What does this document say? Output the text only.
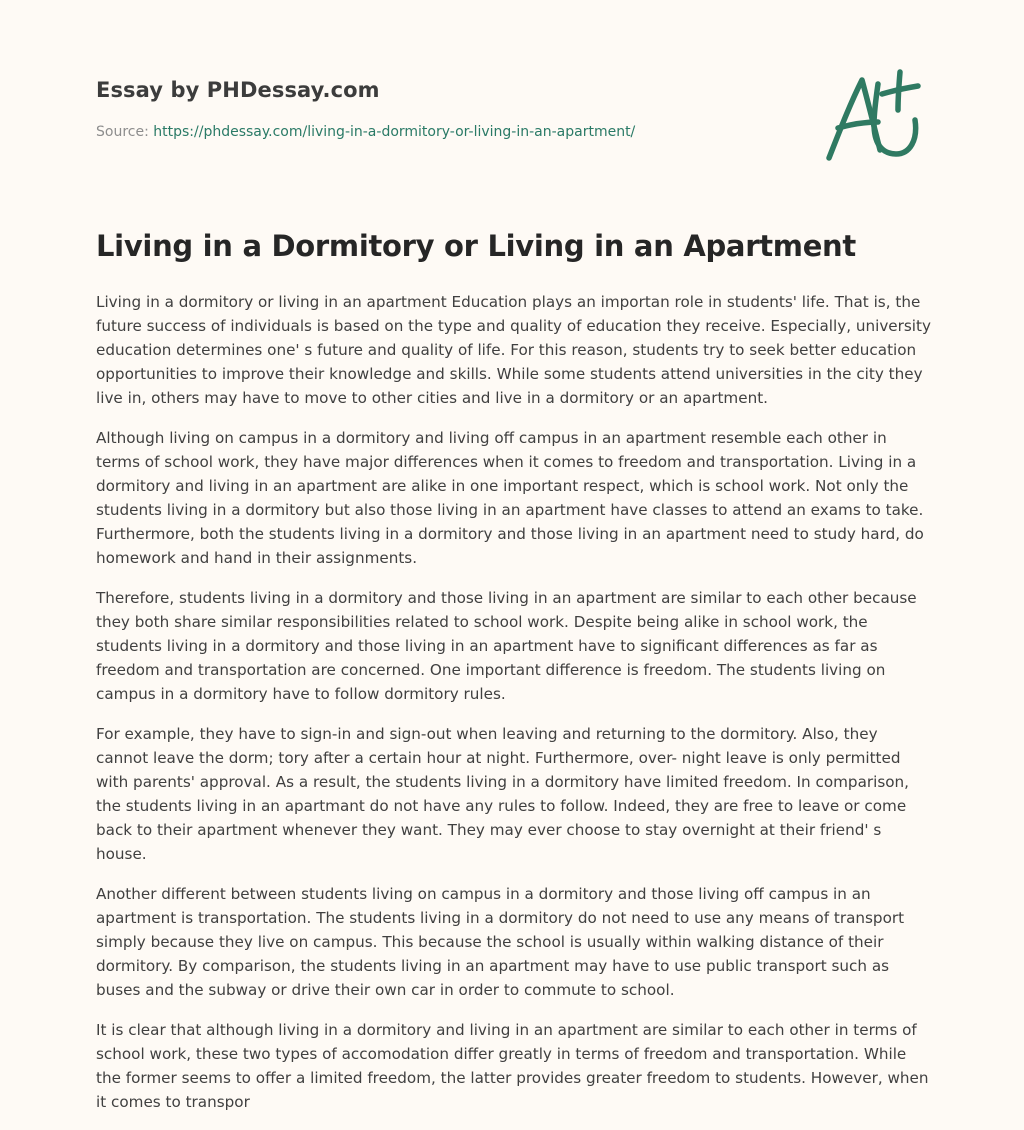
Essay by PHDessay.com

Source: https://phdessay.com/living-in-a-dormitory-or-living-in-an-apartment/

Living in a Dormitory or Living in an Apartment

Living in a dormitory or living in an apartment Education plays an importan role in students' life. That is, the future success of individuals is based on the type and quality of education they receive. Especially, university education determines one' s future and quality of life. For this reason, students try to seek better education opportunities to improve their knowledge and skills. While some students attend universities in the city they live in, others may have to move to other cities and live in a dormitory or an apartment.

Although living on campus in a dormitory and living off campus in an apartment resemble each other in terms of school work, they have major differences when it comes to freedom and transportation. Living in a dormitory and living in an apartment are alike in one important respect, which is school work. Not only the students living in a dormitory but also those living in an apartment have classes to attend an exams to take. Furthermore, both the students living in a dormitory and those living in an apartment need to study hard, do homework and hand in their assignments.

Therefore, students living in a dormitory and those living in an apartment are similar to each other because they both share similar responsibilities related to school work. Despite being alike in school work, the students living in a dormitory and those living in an apartment have to significant differences as far as freedom and transportation are concerned. One important difference is freedom. The students living on campus in a dormitory have to follow dormitory rules.

For example, they have to sign-in and sign-out when leaving and returning to the dormitory. Also, they cannot leave the dorm; tory after a certain hour at night. Furthermore, over- night leave is only permitted with parents' approval. As a result, the students living in a dormitory have limited freedom. In comparison, the students living in an apartmant do not have any rules to follow. Indeed, they are free to leave or come back to their apartment whenever they want. They may ever choose to stay overnight at their friend' s house.

Another different between students living on campus in a dormitory and those living off campus in an apartment is transportation. The students living in a dormitory do not need to use any means of transport simply because they live on campus. This because the school is usually within walking distance of their dormitory. By comparison, the students living in an apartment may have to use public transport such as buses and the subway or drive their own car in order to commute to school.

It is clear that although living in a dormitory and living in an apartment are similar to each other in terms of school work, these two types of accomodation differ greatly in terms of freedom and transportation. While the former seems to offer a limited freedom, the latter provides greater freedom to students. However, when it comes to transpor
